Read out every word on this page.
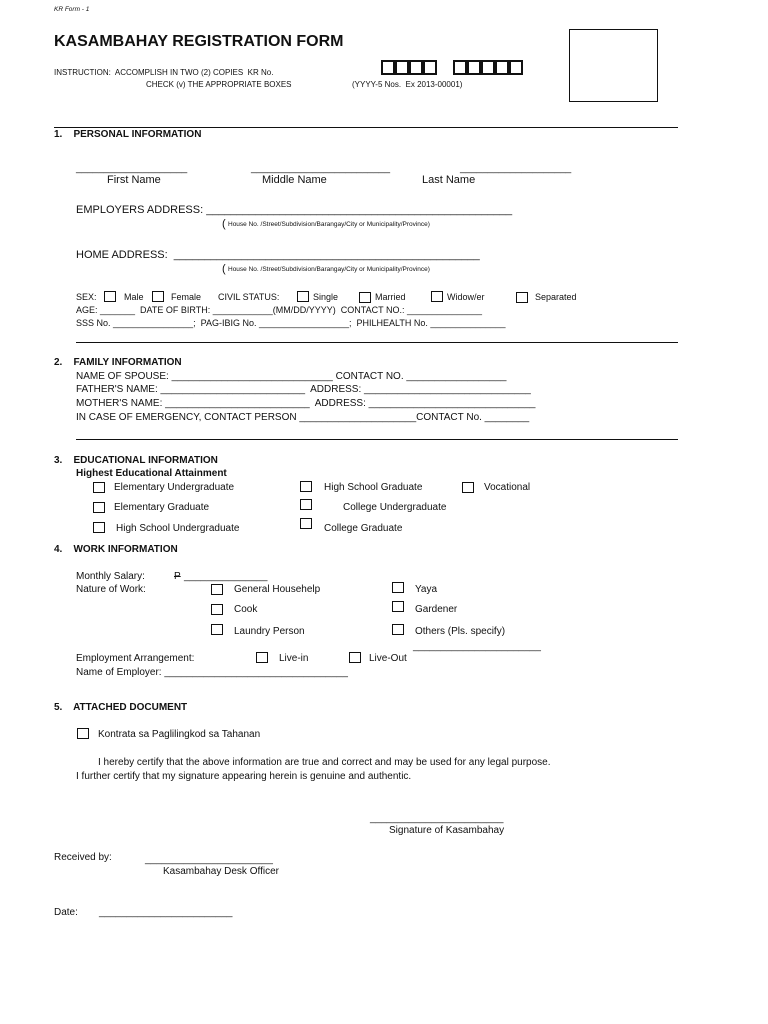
KR Form - 1
KASAMBAHAY REGISTRATION FORM
INSTRUCTION:  ACCOMPLISH IN TWO (2) COPIES  KR No.
CHECK (v) THE APPROPRIATE BOXES	(YYYY-5 Nos.  Ex 2013-00001)
1.    PERSONAL INFORMATION
____________________	_________________________	____________________
First Name	Middle Name	Last Name
EMPLOYERS ADDRESS: __________________________________________________
( House No. /Street/Subdivision/Barangay/City or Municipality/Province)
HOME ADDRESS:  __________________________________________________
( House No. /Street/Subdivision/Barangay/City or Municipality/Province)
SEX:	Male	Female CIVIL STATUS:	Single	Married	Widow/er	Separated
AGE: _______  DATE OF BIRTH: ____________(MM/DD/YYYY)  CONTACT NO.: _______________
SSS No. ________________;  PAG-IBIG No. __________________;  PHILHEALTH No. _______________
2.    FAMILY INFORMATION
NAME OF SPOUSE: _____________________________ CONTACT NO. __________________
FATHER'S NAME: __________________________  ADDRESS: ______________________________
MOTHER'S NAME: __________________________  ADDRESS: ______________________________
IN CASE OF EMERGENCY, CONTACT PERSON _____________________CONTACT No. ________
3.    EDUCATIONAL INFORMATION
Highest Educational Attainment
Elementary Undergraduate	High School Graduate	Vocational
Elementary Graduate	College Undergraduate
High School Undergraduate	College Graduate
4.    WORK INFORMATION
Monthly Salary: P _______________
Nature of Work:	General Househelp	Yaya
Cook	Gardener
Laundry Person	Others (Pls. specify)
_______________________
Employment Arrangement:	Live-in	Live-Out
Name of Employer: _________________________________
5.    ATTACHED DOCUMENT
Kontrata sa Paglilingkod sa Tahanan
I hereby certify that the above information are true and correct and may be used for any legal purpose.
I further certify that my signature appearing herein is genuine and authentic.
________________________
Signature of Kasambahay
Received by:	_______________________
Kasambahay Desk Officer
Date: ________________________
